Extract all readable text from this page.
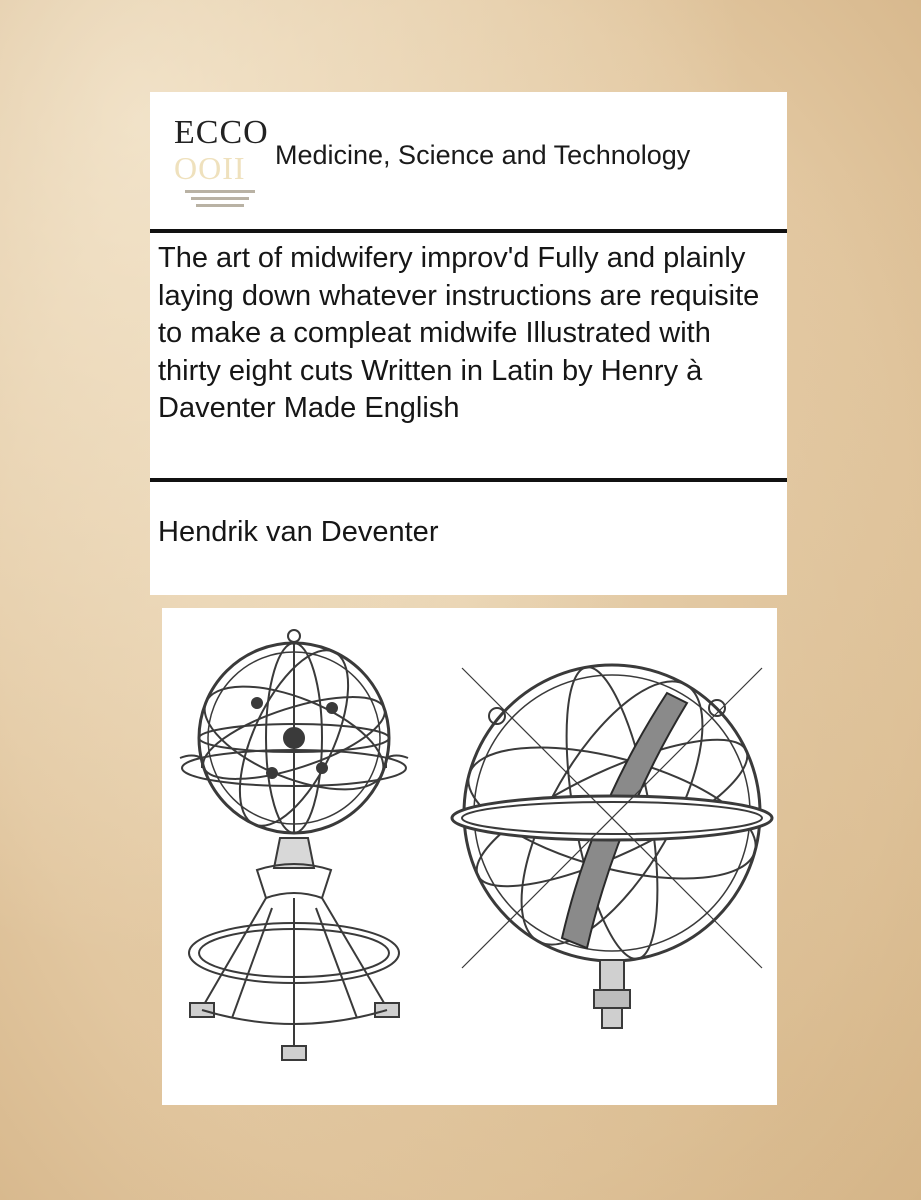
ECCO
OOII Medicine, Science and Technology
The art of midwifery improv'd Fully and plainly laying down whatever instructions are requisite to make a compleat midwife Illustrated with thirty eight cuts Written in Latin by Henry à Daventer Made English
Hendrik van Deventer
